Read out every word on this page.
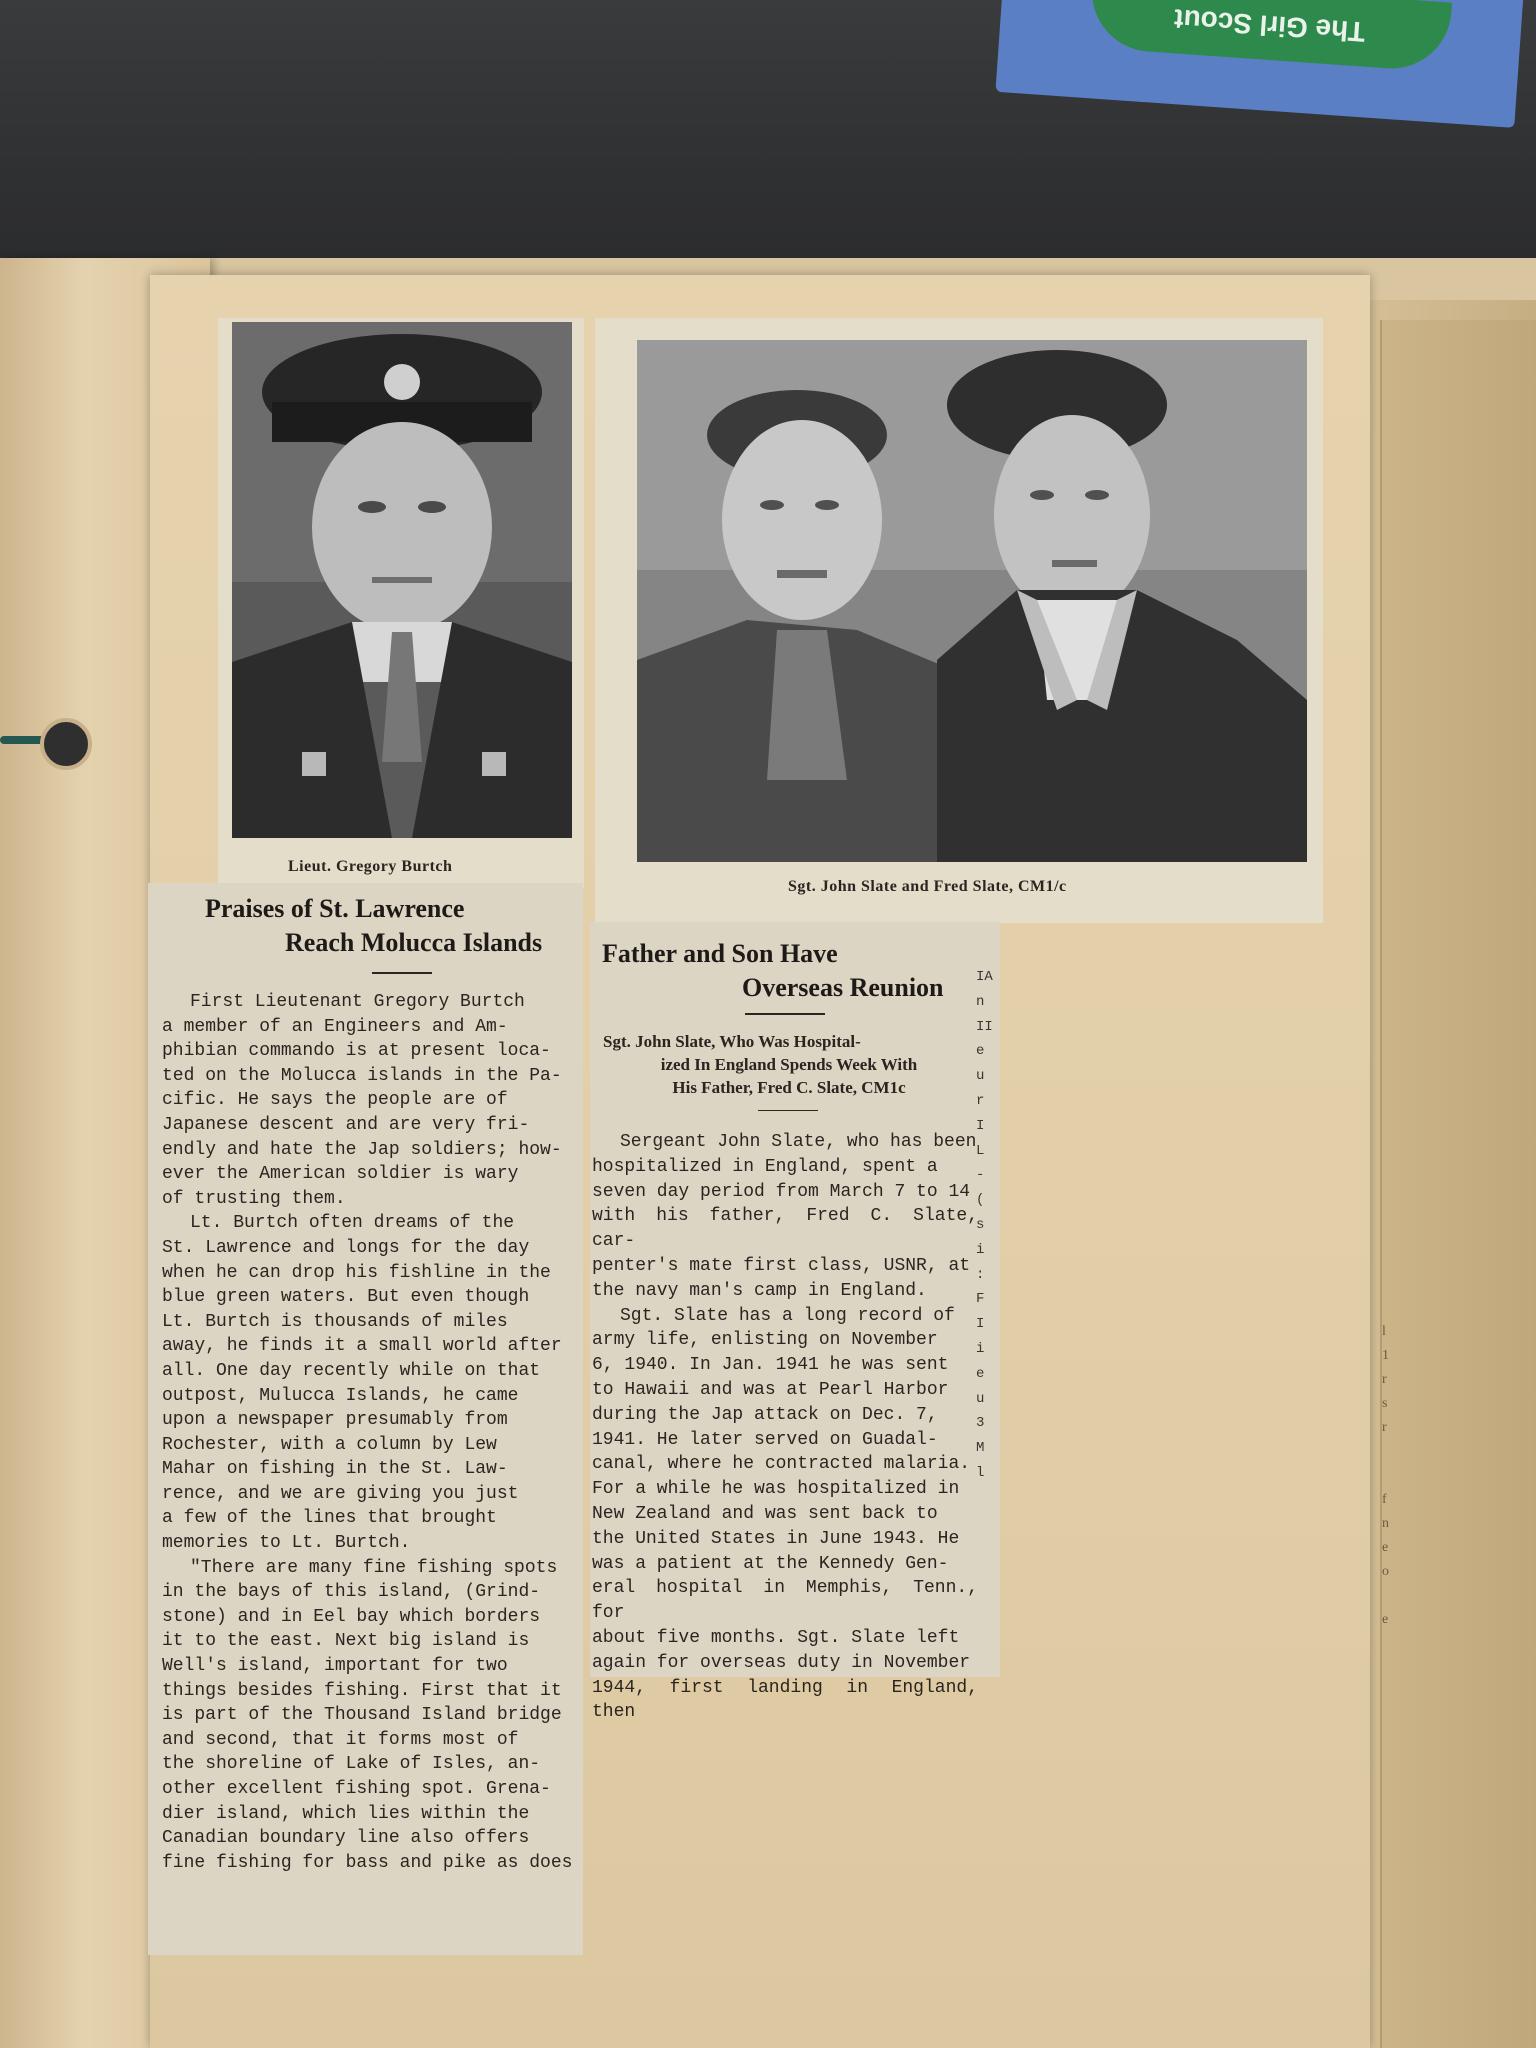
The Girl Scout
l
1
r
s
r

f
n
e
o

e
Lieut. Gregory Burtch
Sgt. John Slate and Fred Slate, CM1/c
Praises of St. Lawrence
Reach Molucca Islands

First Lieutenant Gregory Burtch

a member of an Engineers and Am-

phibian commando is at present loca-

ted on the Molucca islands in the Pa-

cific. He says the people are of

Japanese descent and are very fri-

endly and hate the Jap soldiers; how-

ever the American soldier is wary

of trusting them.

Lt. Burtch often dreams of the

St. Lawrence and longs for the day

when he can drop his fishline in the

blue green waters. But even though

Lt. Burtch is thousands of miles

away, he finds it a small world after

all. One day recently while on that

outpost, Mulucca Islands, he came

upon a newspaper presumably from

Rochester, with a column by Lew

Mahar on fishing in the St. Law-

rence, and we are giving you just

a few of the lines that brought

memories to Lt. Burtch.

"There are many fine fishing spots

in the bays of this island, (Grind-

stone) and in Eel bay which borders

it to the east. Next big island is

Well's island, important for two

things besides fishing. First that it

is part of the Thousand Island bridge

and second, that it forms most of

the shoreline of Lake of Isles, an-

other excellent fishing spot. Grena-

dier island, which lies within the

Canadian boundary line also offers

fine fishing for bass and pike as does

Father and Son Have
Overseas Reunion
Sgt. John Slate, Who Was Hospital-
ized In England Spends Week With
His Father, Fred C. Slate, CM1c

Sergeant John Slate, who has been

hospitalized in England, spent a

seven day period from March 7 to 14

with his father, Fred C. Slate, car-

penter's mate first class, USNR, at

the navy man's camp in England.

Sgt. Slate has a long record of

army life, enlisting on November

6, 1940. In Jan. 1941 he was sent

to Hawaii and was at Pearl Harbor

during the Jap attack on Dec. 7,

1941. He later served on Guadal-

canal, where he contracted malaria.

For a while he was hospitalized in

New Zealand and was sent back to

the United States in June 1943. He

was a patient at the Kennedy Gen-

eral hospital in Memphis, Tenn., for

about five months. Sgt. Slate left

again for overseas duty in November

1944, first landing in England, then

IA
n
II
e
u
r
I
L
-
(
s
i
:
F
I
i
e
u
3
M
l
